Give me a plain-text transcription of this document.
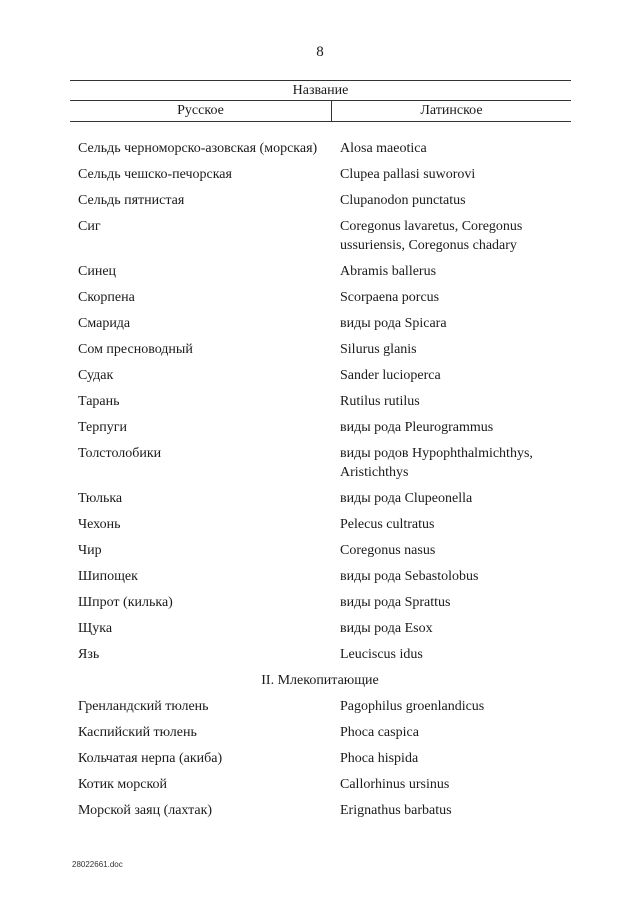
8
Название
Русское	Латинское
Сельдь черноморско-азовская (морская)	Alosa maeotica
Сельдь чешско-печорская	Clupea pallasi suworovi
Сельдь пятнистая	Clupanodon punctatus
Сиг	Coregonus lavaretus, Coregonus ussuriensis, Coregonus chadary
Синец	Abramis ballerus
Скорпена	Scorpaena porcus
Смарида	виды рода Spicara
Сом пресноводный	Silurus glanis
Судак	Sander lucioperca
Тарань	Rutilus rutilus
Терпуги	виды рода Pleurogrammus
Толстолобики	виды родов Hypophthalmichthys, Aristichthys
Тюлька	виды рода Clupeonella
Чехонь	Pelecus cultratus
Чир	Coregonus nasus
Шипощек	виды рода Sebastolobus
Шпрот (килька)	виды рода Sprattus
Щука	виды рода Esox
Язь	Leuciscus idus
II. Млекопитающие
Гренландский тюлень	Pagophilus groenlandicus
Каспийский тюлень	Phoca caspica
Кольчатая нерпа (акиба)	Phoca hispida
Котик морской	Callorhinus ursinus
Морской заяц (лахтак)	Erignathus barbatus
28022661.doc
